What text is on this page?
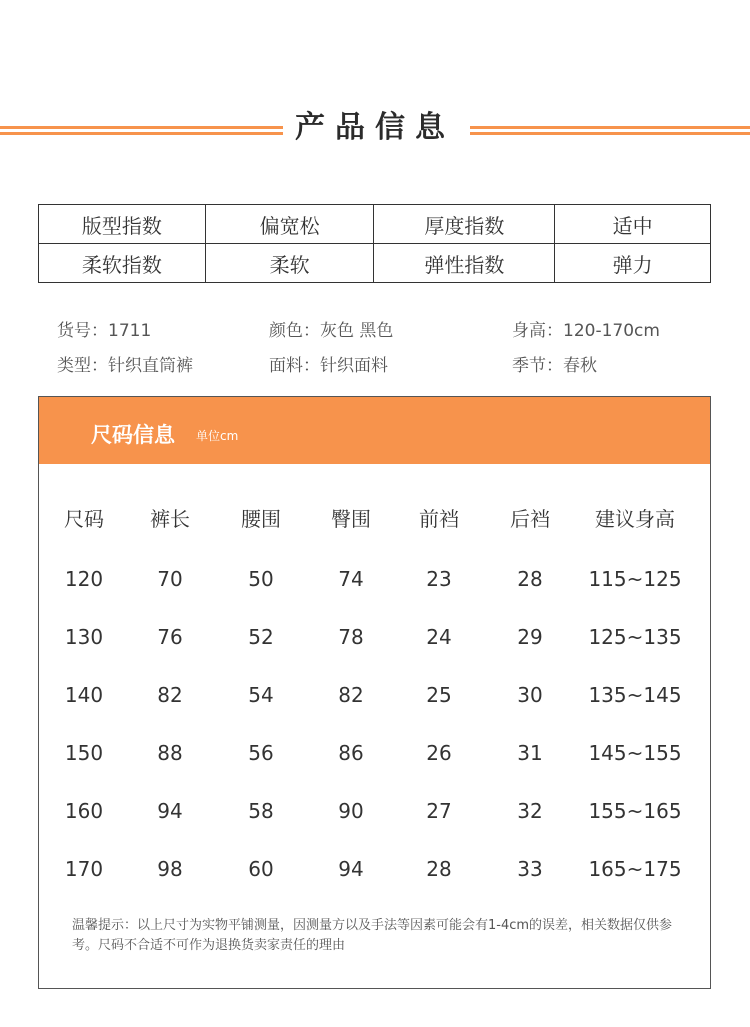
产品信息
版型指数	偏宽松	厚度指数	适中
柔软指数	柔软	弹性指数	弹力
货号：1711	颜色：灰色 黑色	身高：120-170cm
类型：针织直筒裤	面料：针织面料	季节：春秋
尺码信息 单位cm
尺码	裤长	腰围	臀围	前裆	后裆	建议身高
120	70	50	74	23	28	115~125
130	76	52	78	24	29	125~135
140	82	54	82	25	30	135~145
150	88	56	86	26	31	145~155
160	94	58	90	27	32	155~165
170	98	60	94	28	33	165~175
温馨提示：以上尺寸为实物平铺测量，因测量方以及手法等因素可能会有1-4cm的误差，相关数据仅供参考。尺码不合适不可作为退换货卖家责任的理由
